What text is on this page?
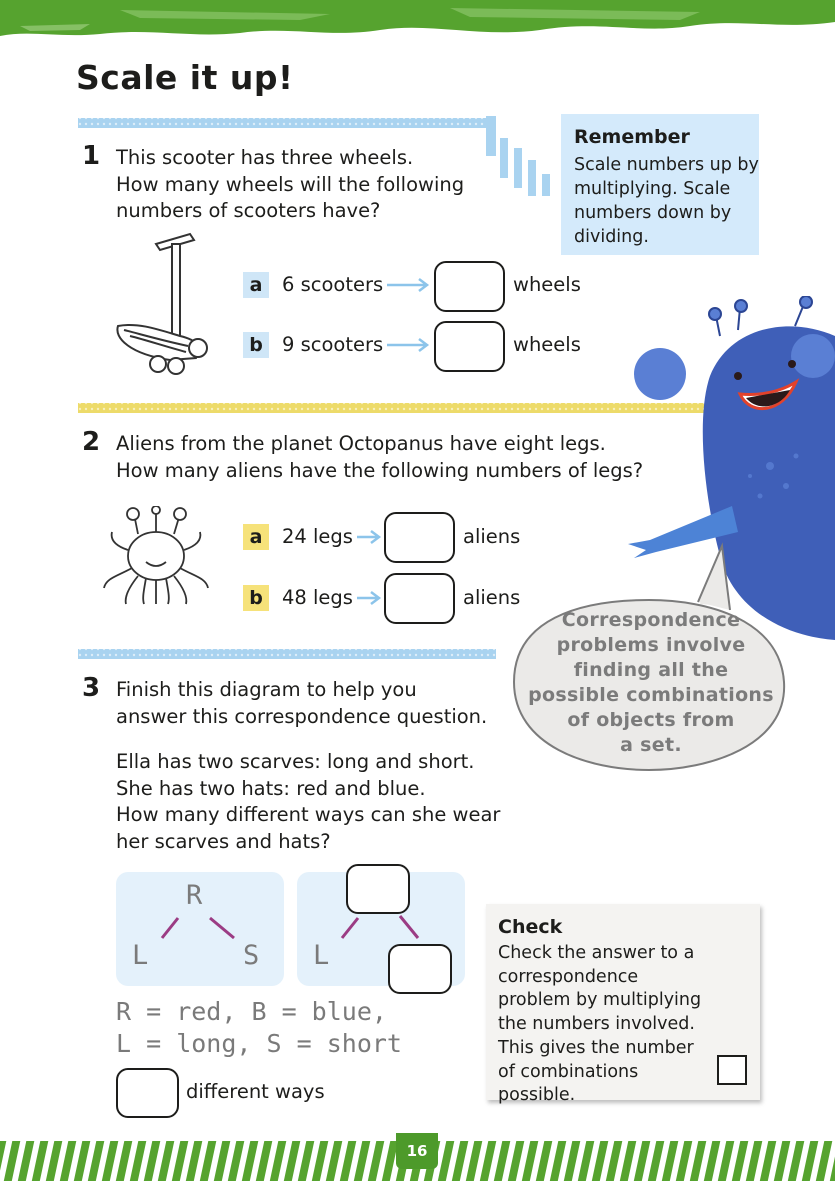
Scale it up!
Remember
Scale numbers up by multiplying. Scale numbers down by dividing.
1 This scooter has three wheels.
How many wheels will the following
numbers of scooters have?
a	6 scooters	wheels
b 9 scooters	wheels
2 Aliens from the planet Octopanus have eight legs.
How many aliens have the following numbers of legs?
a	24 legs	aliens
b 48 legs	aliens
Correspondence
problems involve
finding all the
possible combinations
of objects from
a set.
3 Finish this diagram to help you
answer this correspondence question.
Ella has two scarves: long and short.
She has two hats: red and blue.
How many different ways can she wear
her scarves and hats?
R
L	S L
R = red, B = blue,
L = long, S = short
different ways
Check
Check the answer to a correspondence problem by multiplying the numbers involved. This gives the number of combinations possible.
16
